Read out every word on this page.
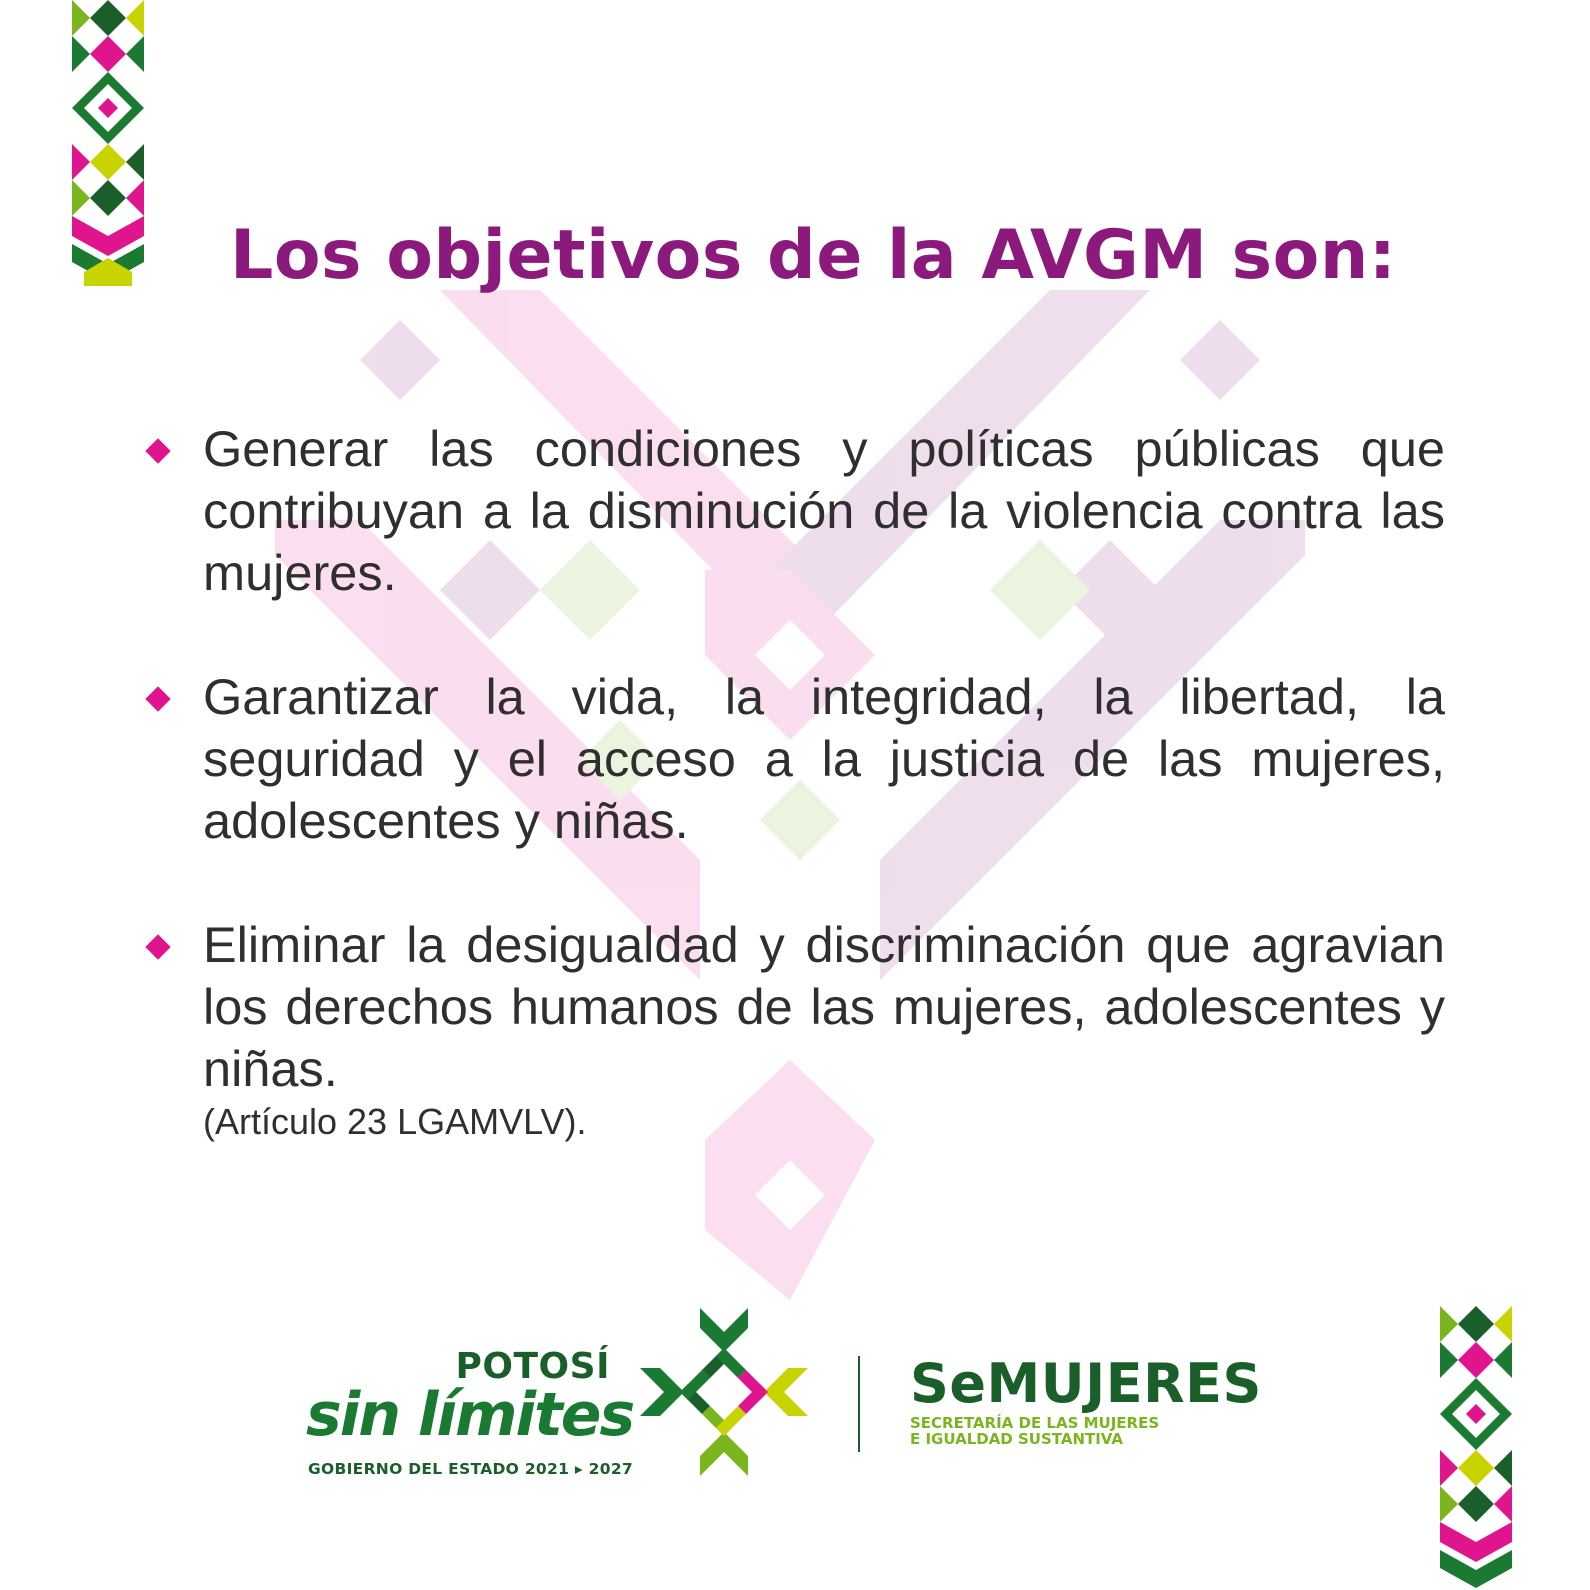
Los objetivos de la AVGM son:

Generar las condiciones y políticas públicas que contribuyan a la disminución de la violencia contra las mujeres.

Garantizar la vida, la integridad, la libertad, la seguridad y el acceso a la justicia de las mujeres, adolescentes y niñas.

Eliminar la desigualdad y discriminación que agravian los derechos humanos de las mujeres, adolescentes y niñas.

(Artículo 23 LGAMVLV).

POTOSÍ
sin límites
GOBIERNO DEL ESTADO 2021 ▸ 2027
SeMUJERES
SECRETARÍA DE LAS MUJERES
E IGUALDAD SUSTANTIVA
